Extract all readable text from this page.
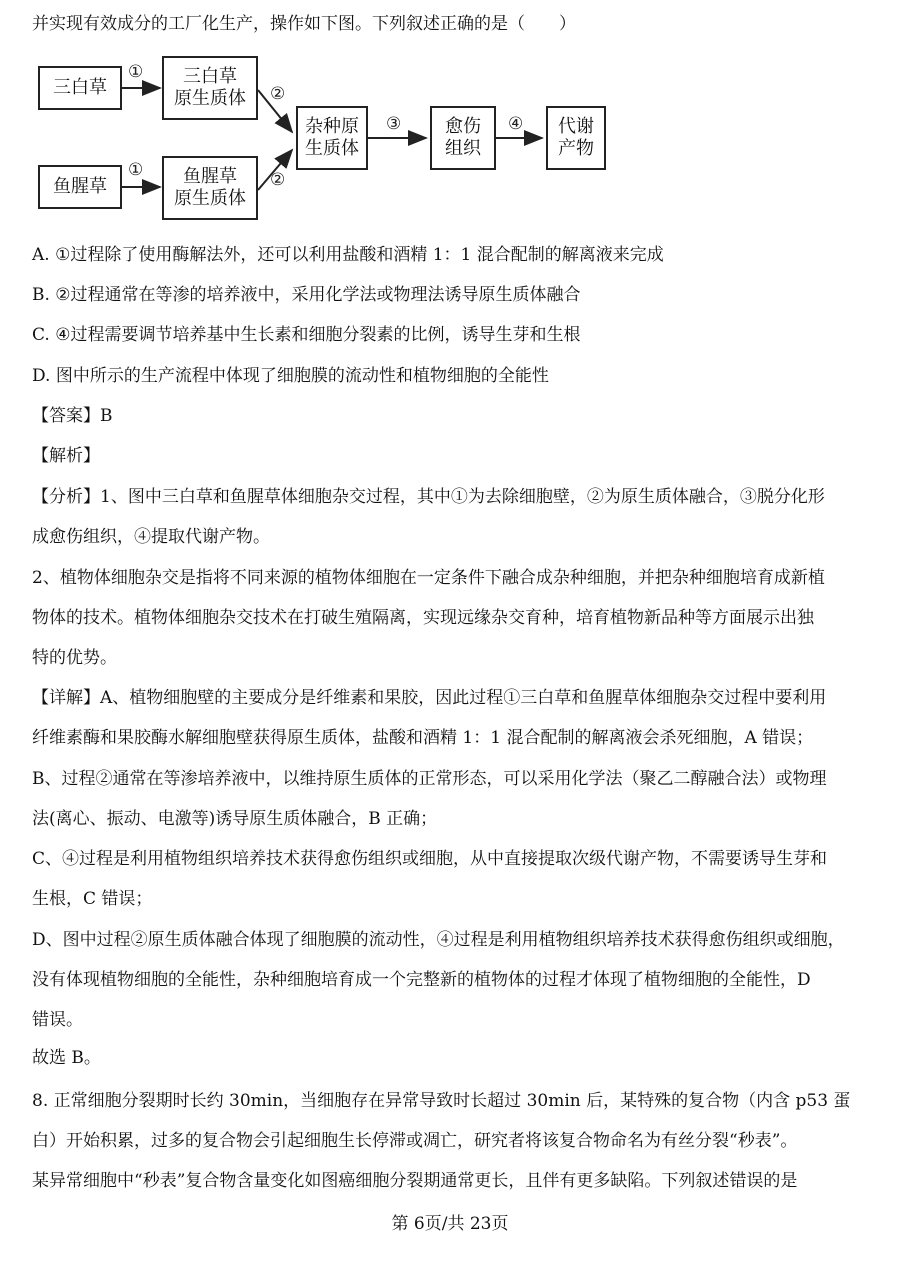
并实现有效成分的工厂化生产，操作如下图。下列叙述正确的是（　　）
三白草
① 三白草
原生质体
鱼腥草
① 鱼腥草
原生质体
②
②
杂种原
生质体
③ 愈伤
组织
④ 代谢
产物
A. ①过程除了使用酶解法外，还可以利用盐酸和酒精 1：1 混合配制的解离液来完成
B. ②过程通常在等渗的培养液中，采用化学法或物理法诱导原生质体融合
C. ④过程需要调节培养基中生长素和细胞分裂素的比例，诱导生芽和生根
D. 图中所示的生产流程中体现了细胞膜的流动性和植物细胞的全能性
【答案】B
【解析】
【分析】1、图中三白草和鱼腥草体细胞杂交过程，其中①为去除细胞壁，②为原生质体融合，③脱分化形
成愈伤组织，④提取代谢产物。
2、植物体细胞杂交是指将不同来源的植物体细胞在一定条件下融合成杂种细胞，并把杂种细胞培育成新植
物体的技术。植物体细胞杂交技术在打破生殖隔离，实现远缘杂交育种，培育植物新品种等方面展示出独
特的优势。
【详解】A、植物细胞壁的主要成分是纤维素和果胶，因此过程①三白草和鱼腥草体细胞杂交过程中要利用
纤维素酶和果胶酶水解细胞壁获得原生质体，盐酸和酒精 1：1 混合配制的解离液会杀死细胞，A 错误；
B、过程②通常在等渗培养液中，以维持原生质体的正常形态，可以采用化学法（聚乙二醇融合法）或物理
法(离心、振动、电激等)诱导原生质体融合，B 正确；
C、④过程是利用植物组织培养技术获得愈伤组织或细胞，从中直接提取次级代谢产物，不需要诱导生芽和
生根，C 错误；
D、图中过程②原生质体融合体现了细胞膜的流动性，④过程是利用植物组织培养技术获得愈伤组织或细胞，
没有体现植物细胞的全能性，杂种细胞培育成一个完整新的植物体的过程才体现了植物细胞的全能性，D
错误。
故选 B。
8. 正常细胞分裂期时长约 30min，当细胞存在异常导致时长超过 30min 后，某特殊的复合物（内含 p53 蛋
白）开始积累，过多的复合物会引起细胞生长停滞或凋亡，研究者将该复合物命名为有丝分裂“秒表”。
某异常细胞中“秒表”复合物含量变化如图癌细胞分裂期通常更长，且伴有更多缺陷。下列叙述错误的是
第 6页/共 23页
